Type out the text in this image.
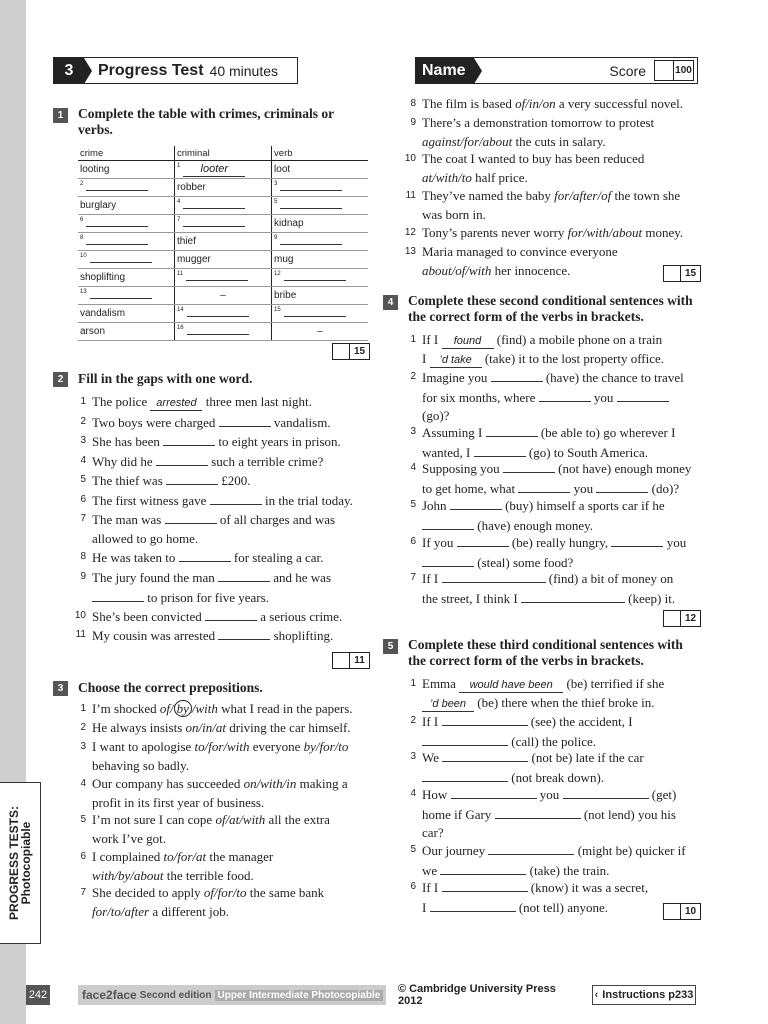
PROGRESS TESTS:
Photocopiable
3	Progress Test 40 minutes	Name	Score	100
1	Complete the table with crimes, criminals or verbs.
crime	criminal	verb
looting	$^1$ looter	loot
$^2$	robber	$^3$
burglary	$^4$	$^5$
$^6$	$^7$	kidnap
$^8$	thief	$^9$
$^{10}$	mugger	mug
shoplifting	$^{11}$	$^{12}$
$^{13}$	–	bribe
vandalism	$^{14}$	$^{15}$
arson	$^{16}$	–
15
2	Fill in the gaps with one word.
1 The police arrested three men last night.
2 Two boys were charged	vandalism.
3 She has been	to eight years in prison.
4 Why did he	such a terrible crime?
5 The thief was	£200.
6 The first witness gave	in the trial today.
7 The man was	of all charges and was
allowed to go home.
8 He was taken to	for stealing a car.
9 The jury found the man	and he was
to prison for five years.
10 She’s been convicted	a serious crime.
11 My cousin was arrested	shoplifting.
11
3	Choose the correct prepositions.
1 I’m shocked of/ by /with what I read in the papers.
2 He always insists on/in/at driving the car himself.
3 I want to apologise to/for/with everyone by/for/to
behaving so badly.
4 Our company has succeeded on/with/in making a
profit in its first year of business.
5 I’m not sure I can cope of/at/with all the extra
work I’ve got.
6 I complained to/for/at the manager
with/by/about the terrible food.
7 She decided to apply of/for/to the same bank
for/to/after a different job.
8 The film is based of/in/on a very successful novel.
9 There’s a demonstration tomorrow to protest
against/for/about the cuts in salary.
10 The coat I wanted to buy has been reduced
at/with/to half price.
11 They’ve named the baby for/after/of the town she
was born in.
12 Tony’s parents never worry for/with/about money.
13 Maria managed to convince everyone
about/of/with her innocence.	15
4	Complete these second conditional sentences with the correct form of the verbs in brackets.
1 If I found (find) a mobile phone on a train
I ’d take (take) it to the lost property office.
2 Imagine you	(have) the chance to travel
for six months, where	you
(go)?
3 Assuming I	(be able to) go wherever I
wanted, I	(go) to South America.
4 Supposing you	(not have) enough money
to get home, what	you	(do)?
5 John	(buy) himself a sports car if he
(have) enough money.
6 If you	(be) really hungry,	you
(steal) some food?
7 If I	(find) a bit of money on
the street, I think I	(keep) it.
12
5	Complete these third conditional sentences with the correct form of the verbs in brackets.
1 Emma would have been (be) terrified if she
’d been (be) there when the thief broke in.
2 If I	(see) the accident, I
(call) the police.
3 We	(not be) late if the car
(not break down).
4 How	you	(get)
home if Gary	(not lend) you his
car?
5 Our journey	(might be) quicker if
we	(take) the train.
6 If I	(know) it was a secret,
I	(not tell) anyone.	10
242	face2face
Second edition
Upper Intermediate Photocopiable © Cambridge University Press 2012	‹ Instructions p233
